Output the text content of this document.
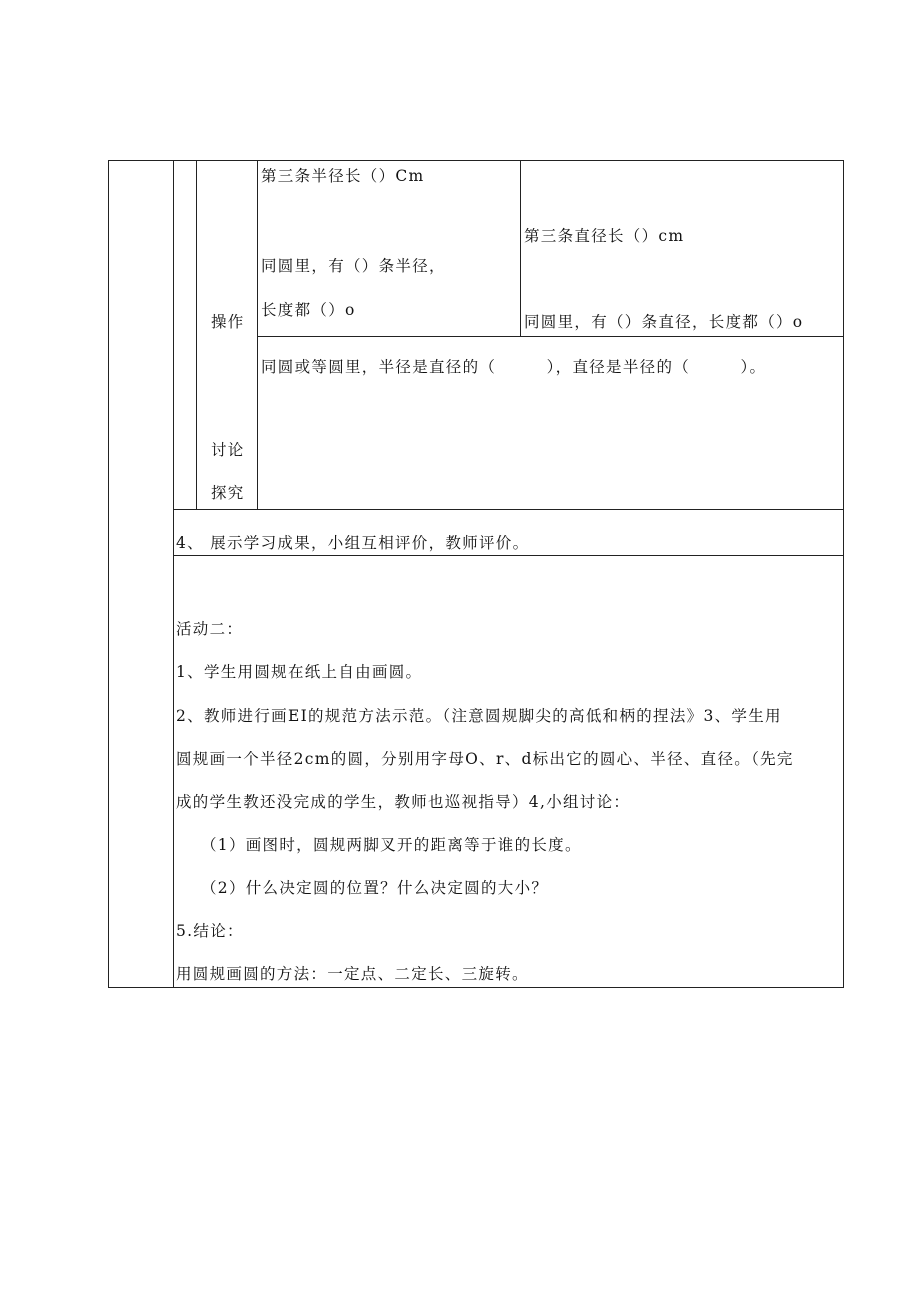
第三条半径长（）Cm
同圆里，有（）条半径，
长度都（）o
第三条直径长（）cm
同圆里，有（）条直径，长度都（）o
同圆或等圆里，半径是直径的（　　　），直径是半径的（　　　）。
操作
讨论
探究
4、 展示学习成果，小组互相评价，教师评价。
活动二：
1、学生用圆规在纸上自由画圆。
2、教师进行画EI的规范方法示范。（注意圆规脚尖的高低和柄的捏法》3、学生用
圆规画一个半径2cm的圆，分别用字母O、r、d标出它的圆心、半径、直径。（先完
成的学生教还没完成的学生，教师也巡视指导）4,小组讨论：
（1）画图时，圆规两脚叉开的距离等于谁的长度。
（2）什么决定圆的位置？什么决定圆的大小？
5.结论：
用圆规画圆的方法：一定点、二定长、三旋转。
